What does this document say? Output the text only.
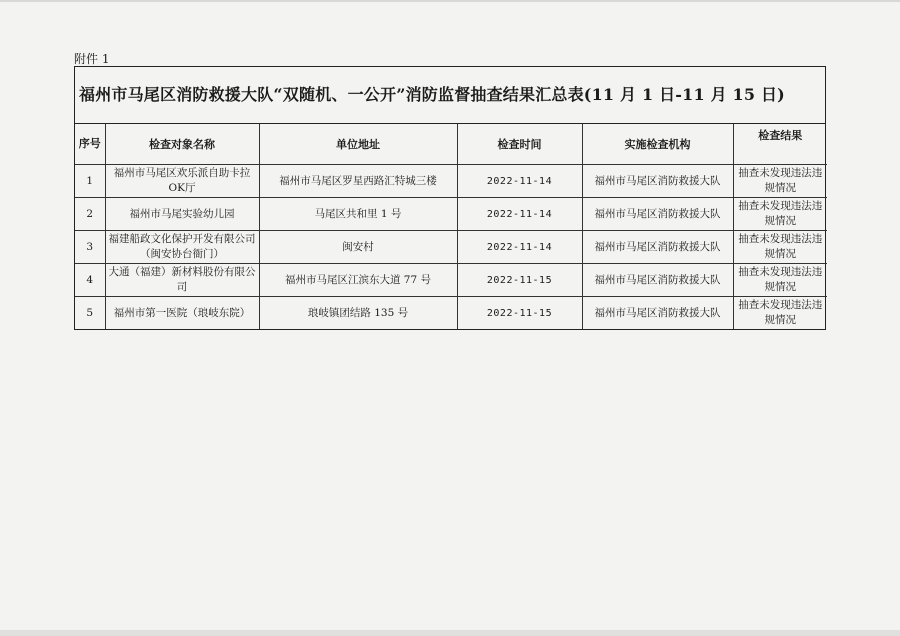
附件 1
福州市马尾区消防救援大队“双随机、一公开”消防监督抽查结果汇总表(11 月 1 日-11 月 15 日)
序号	检查对象名称	单位地址	检查时间	实施检查机构	检查结果
1	福州市马尾区欢乐派自助卡拉OK厅	福州市马尾区罗星西路汇特城三楼	2022-11-14	福州市马尾区消防救援大队	抽查未发现违法违规情况
2	福州市马尾实验幼儿园	马尾区共和里 1 号	2022-11-14	福州市马尾区消防救援大队	抽查未发现违法违规情况
3	福建船政文化保护开发有限公司（闽安协台衙门）	闽安村	2022-11-14	福州市马尾区消防救援大队	抽查未发现违法违规情况
4	大通（福建）新材料股份有限公司	福州市马尾区江滨东大道 77 号	2022-11-15	福州市马尾区消防救援大队	抽查未发现违法违规情况
5	福州市第一医院（琅岐东院）	琅岐镇团结路 135 号	2022-11-15	福州市马尾区消防救援大队	抽查未发现违法违规情况
